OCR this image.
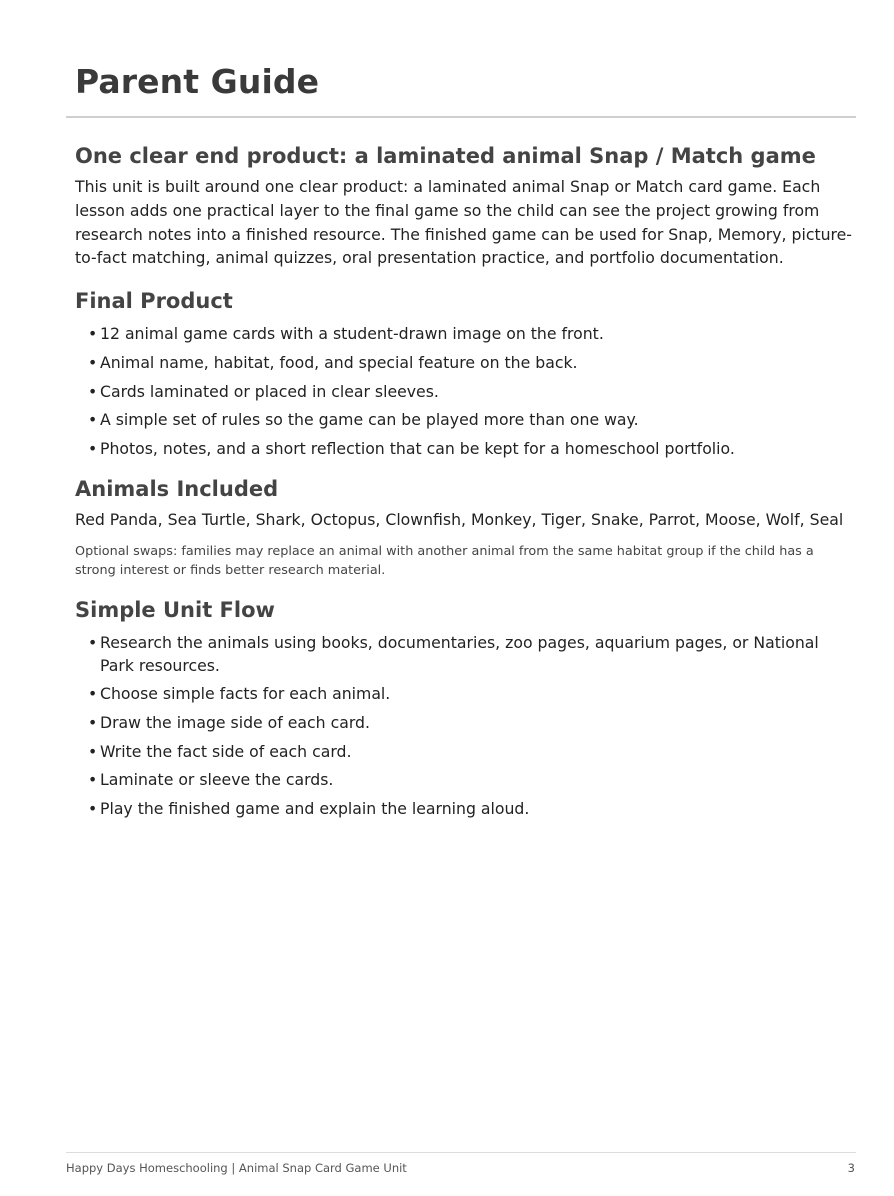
Parent Guide
One clear end product: a laminated animal Snap / Match game

This unit is built around one clear product: a laminated animal Snap or Match card game. Each lesson adds one practical layer to the final game so the child can see the project growing from research notes into a finished resource. The finished game can be used for Snap, Memory, picture-to-fact matching, animal quizzes, oral presentation practice, and portfolio documentation.

Final Product
• 12 animal game cards with a student-drawn image on the front.
• Animal name, habitat, food, and special feature on the back.
• Cards laminated or placed in clear sleeves.
• A simple set of rules so the game can be played more than one way.
• Photos, notes, and a short reflection that can be kept for a homeschool portfolio.
Animals Included

Red Panda, Sea Turtle, Shark, Octopus, Clownfish, Monkey, Tiger, Snake, Parrot, Moose, Wolf, Seal

Optional swaps: families may replace an animal with another animal from the same habitat group if the child has a strong interest or finds better research material.

Simple Unit Flow
• Research the animals using books, documentaries, zoo pages, aquarium pages, or National Park resources.
• Choose simple facts for each animal.
• Draw the image side of each card.
• Write the fact side of each card.
• Laminate or sleeve the cards.
• Play the finished game and explain the learning aloud.
Happy Days Homeschooling | Animal Snap Card Game Unit	3
